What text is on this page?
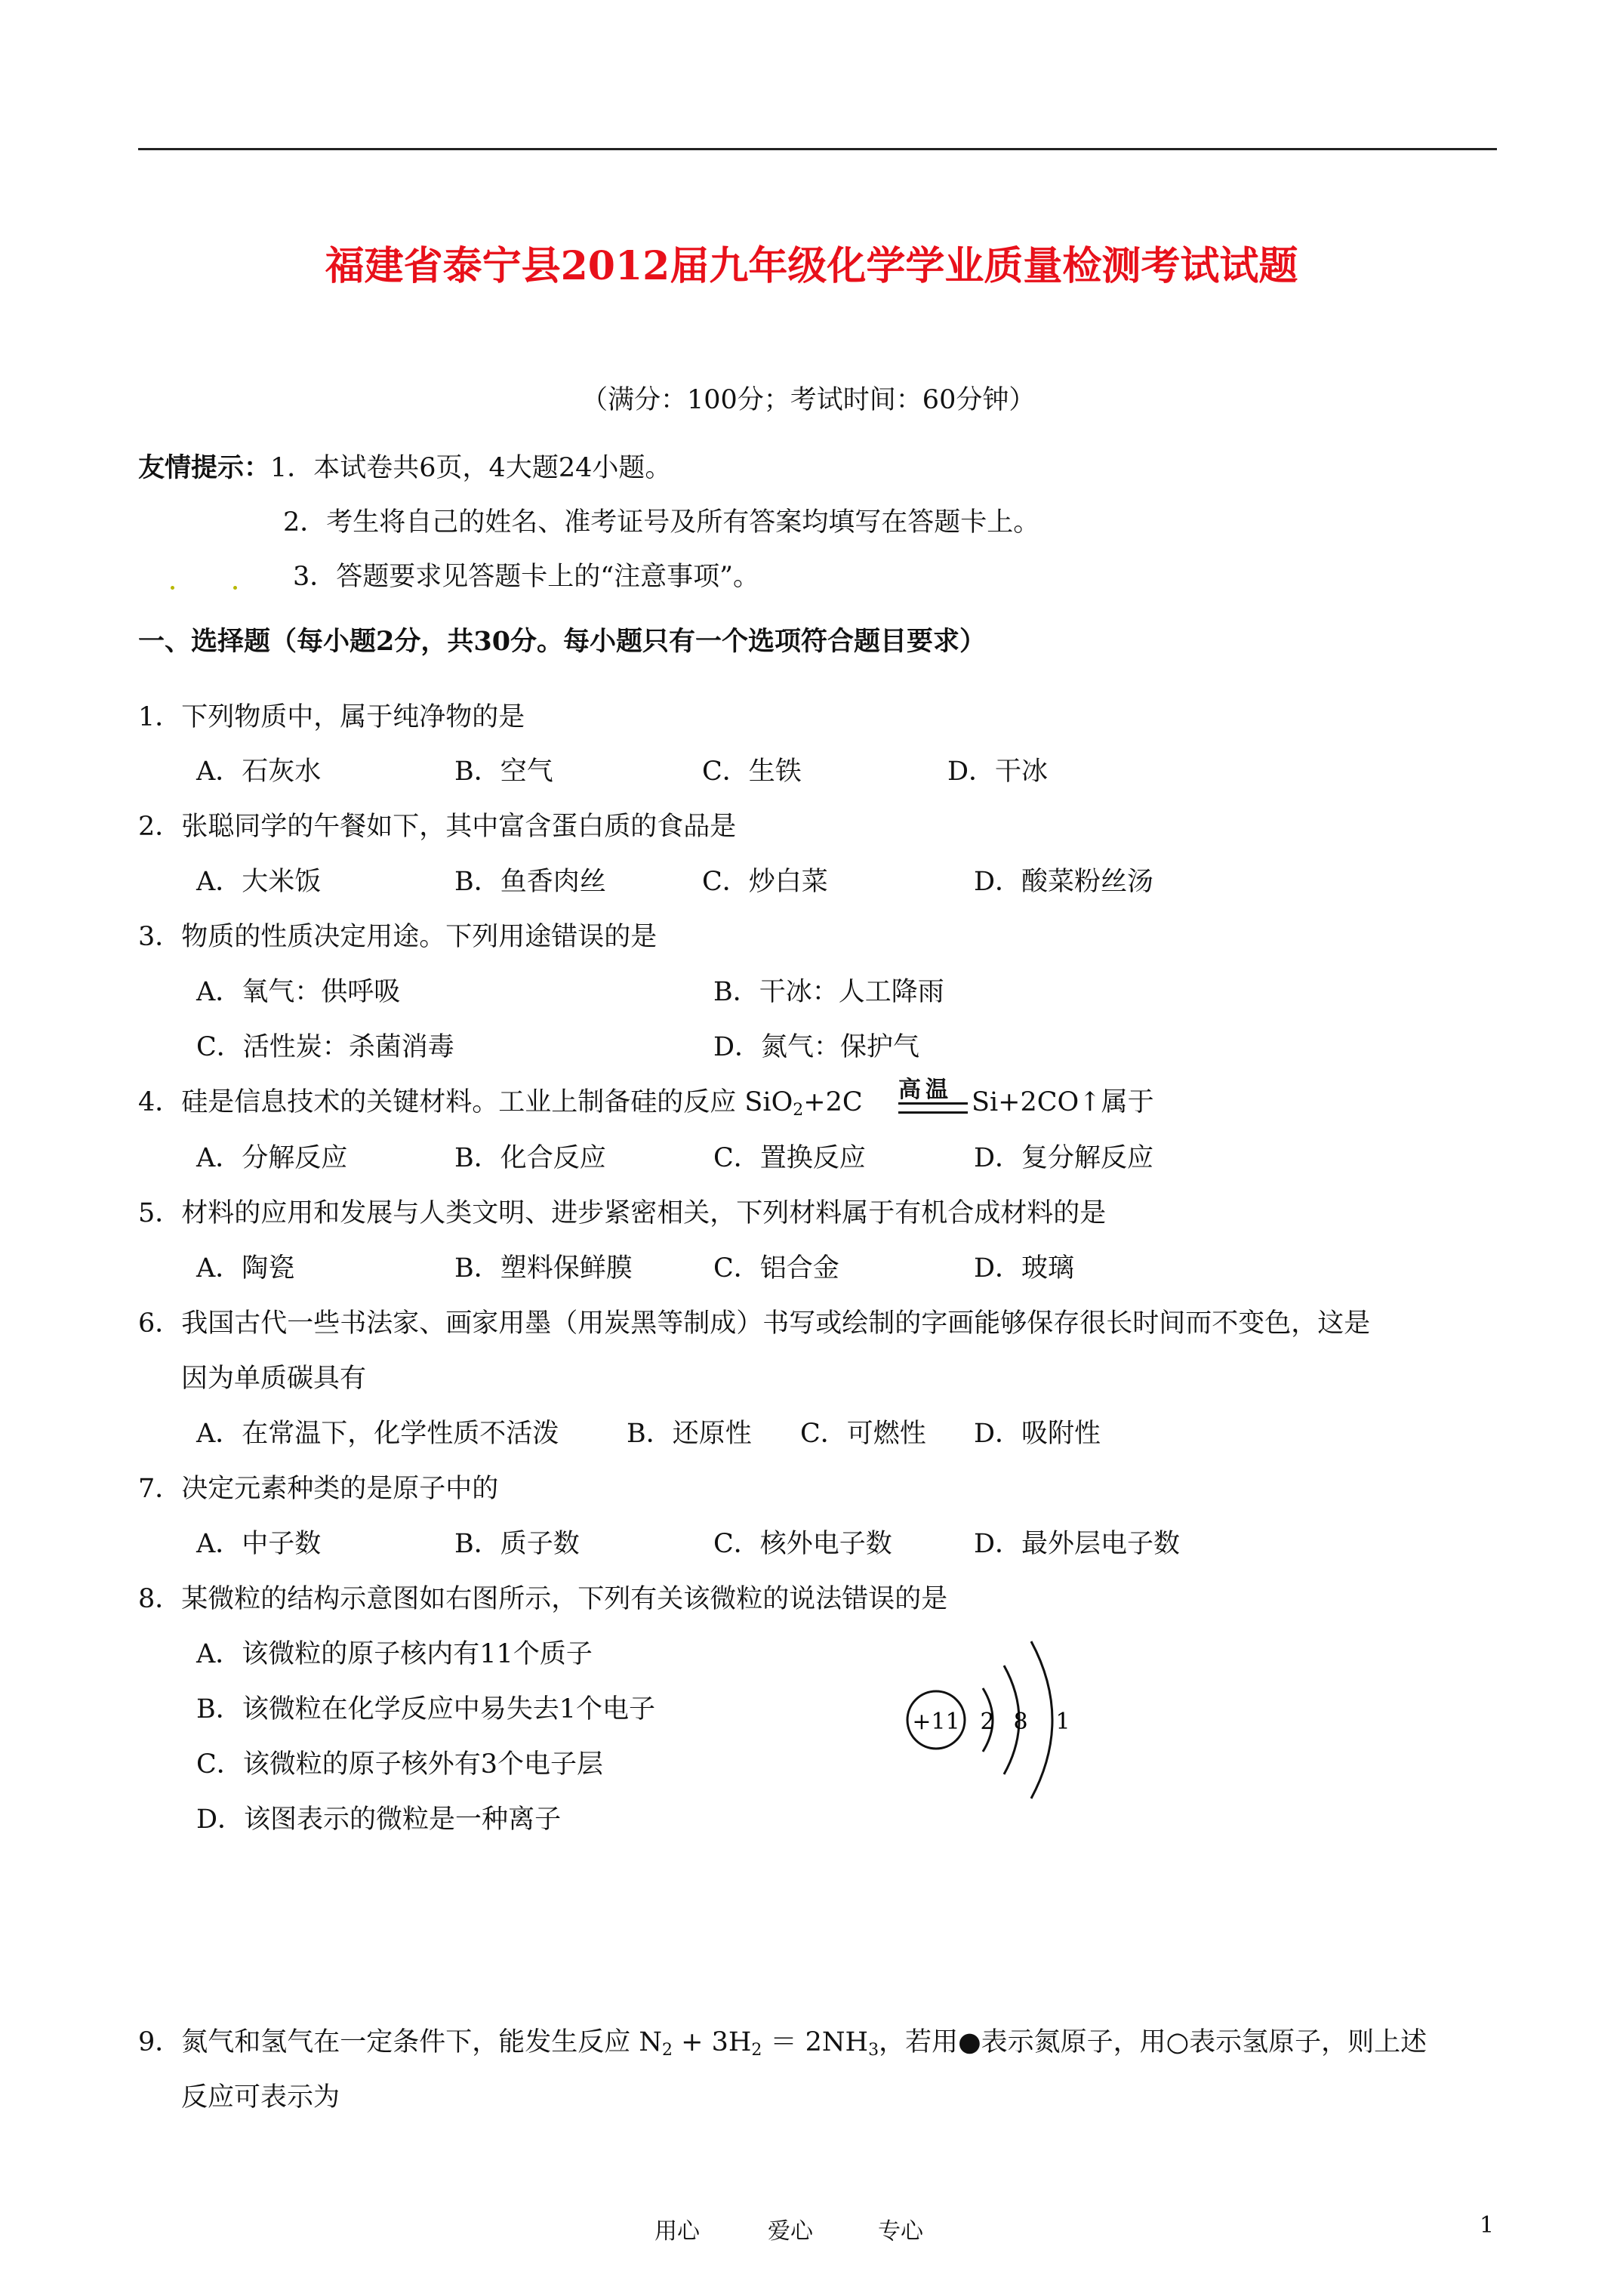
福建省泰宁县2012届九年级化学学业质量检测考试试题
（满分：100分；考试时间：60分钟）
友情提示：1．本试卷共6页，4大题24小题。
2．考生将自己的姓名、准考证号及所有答案均填写在答题卡上。
3．答题要求见答题卡上的“注意事项”。
一、选择题（每小题2分，共30分。每小题只有一个选项符合题目要求）
1．下列物质中，属于纯净物的是
A．石灰水	B．空气	C．生铁	D．干冰
2．张聪同学的午餐如下，其中富含蛋白质的食品是
A．大米饭	B．鱼香肉丝	C．炒白菜	D．酸菜粉丝汤
3．物质的性质决定用途。下列用途错误的是
A．氧气：供呼吸	B．干冰：人工降雨
C．活性炭：杀菌消毒	D．氮气：保护气
4．硅是信息技术的关键材料。工业上制备硅的反应 SiO$_2$+2C 高温 Si+2CO↑属于
A．分解反应	B．化合反应	C．置换反应	D．复分解反应
5．材料的应用和发展与人类文明、进步紧密相关，下列材料属于有机合成材料的是
A．陶瓷	B．塑料保鲜膜	C．铝合金	D．玻璃
6．我国古代一些书法家、画家用墨（用炭黑等制成）书写或绘制的字画能够保存很长时间而不变色，这是
因为单质碳具有
A．在常温下，化学性质不活泼	B．还原性 C．可燃性 D．吸附性
7．决定元素种类的是原子中的
A．中子数	B．质子数	C．核外电子数	D．最外层电子数
8．某微粒的结构示意图如右图所示，下列有关该微粒的说法错误的是
A．该微粒的原子核内有11个质子
B．该微粒在化学反应中易失去1个电子
C．该微粒的原子核外有3个电子层
D．该图表示的微粒是一种离子
+11 2 8 1
9．氮气和氢气在一定条件下，能发生反应 $N_2 + 3H_2 = 2NH_3$，若用●表示氮原子，用○表示氢原子，则上述
反应可表示为
用心	爱心	专心	1
